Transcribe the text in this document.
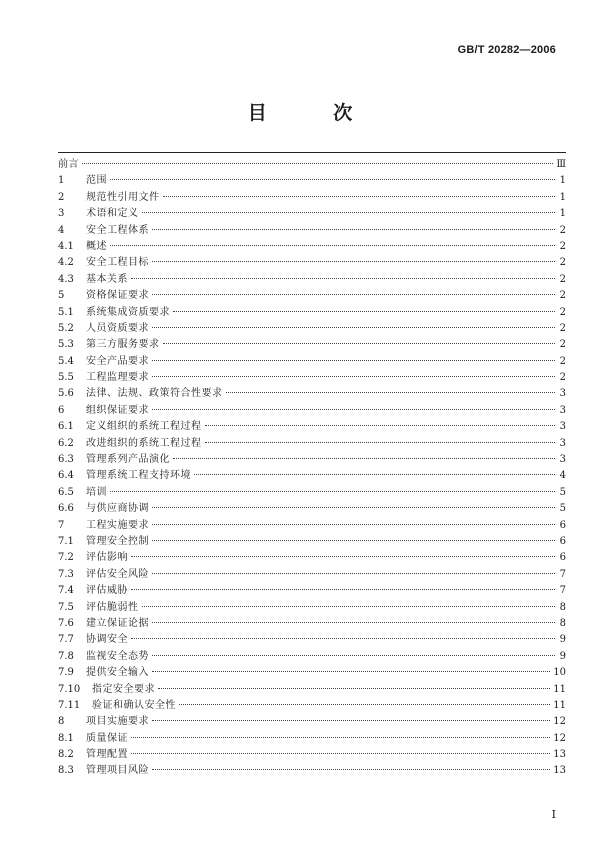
GB/T 20282—2006
目 次
前言	Ⅲ
1	范围	1
2	规范性引用文件	1
3	术语和定义	1
4	安全工程体系	2
4.1	概述	2
4.2	安全工程目标	2
4.3	基本关系	2
5	资格保证要求	2
5.1	系统集成资质要求	2
5.2	人员资质要求	2
5.3	第三方服务要求	2
5.4	安全产品要求	2
5.5	工程监理要求	2
5.6	法律、法规、政策符合性要求	3
6	组织保证要求	3
6.1	定义组织的系统工程过程	3
6.2	改进组织的系统工程过程	3
6.3	管理系列产品演化	3
6.4	管理系统工程支持环境	4
6.5	培训	5
6.6	与供应商协调	5
7	工程实施要求	6
7.1	管理安全控制	6
7.2	评估影响	6
7.3	评估安全风险	7
7.4	评估威胁	7
7.5	评估脆弱性	8
7.6	建立保证论据	8
7.7	协调安全	9
7.8	监视安全态势	9
7.9	提供安全输入	10
7.10	指定安全要求	11
7.11	验证和确认安全性	11
8	项目实施要求	12
8.1	质量保证	12
8.2	管理配置	13
8.3	管理项目风险	13
I
